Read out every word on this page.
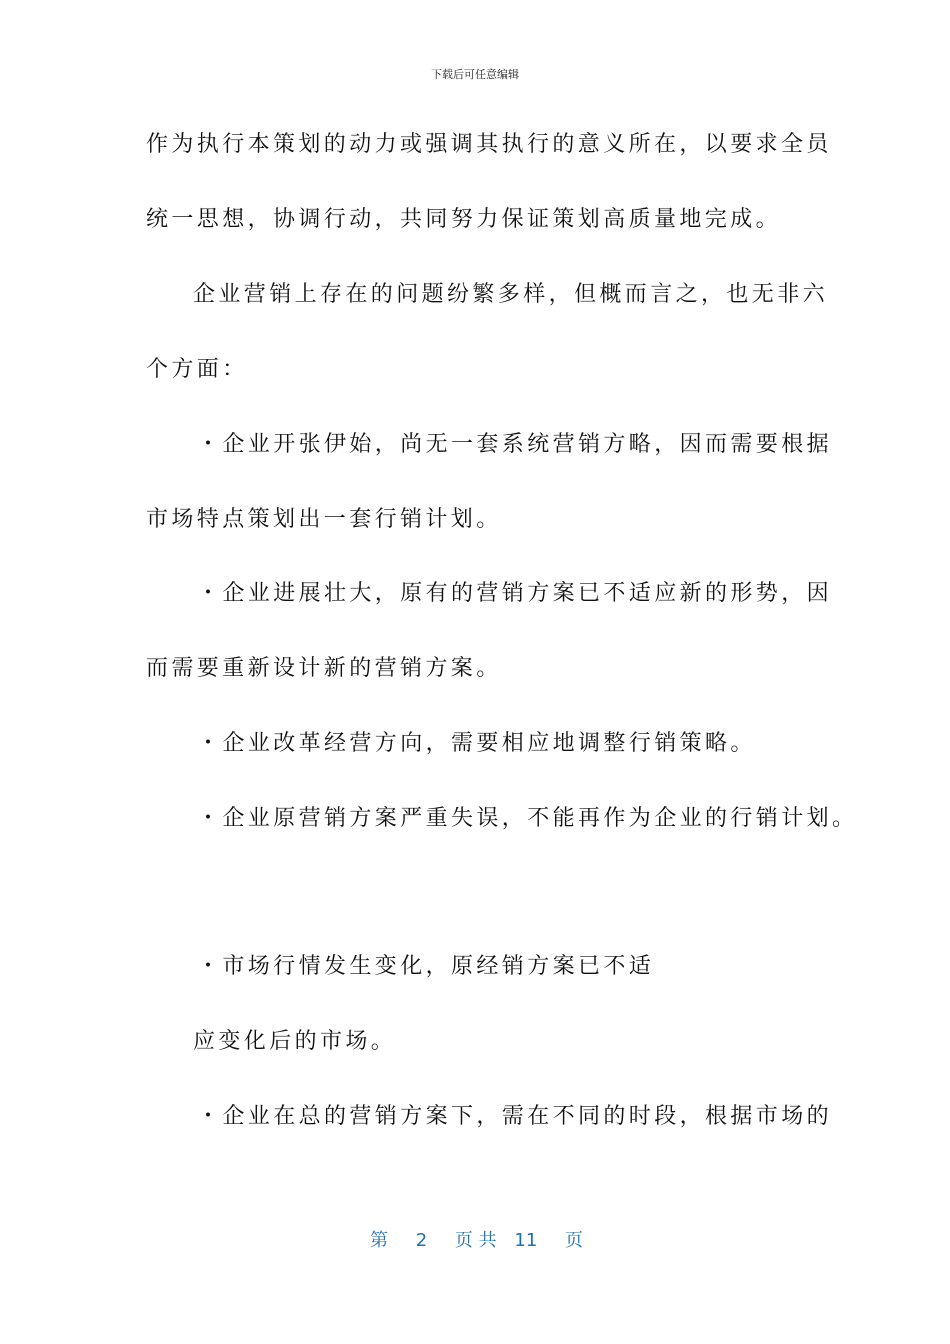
下载后可任意编辑
作为执行本策划的动力或强调其执行的意义所在，以要求全员
统一思想，协调行动，共同努力保证策划高质量地完成。
企业营销上存在的问题纷繁多样，但概而言之，也无非六
个方面：
・企业开张伊始，尚无一套系统营销方略，因而需要根据
市场特点策划出一套行销计划。
・企业进展壮大，原有的营销方案已不适应新的形势，因
而需要重新设计新的营销方案。
・企业改革经营方向，需要相应地调整行销策略。
・企业原营销方案严重失误，不能再作为企业的行销计划。
・市场行情发生变化，原经销方案已不适
应变化后的市场。
・企业在总的营销方案下，需在不同的时段，根据市场的
第 2 页 共 11 页
